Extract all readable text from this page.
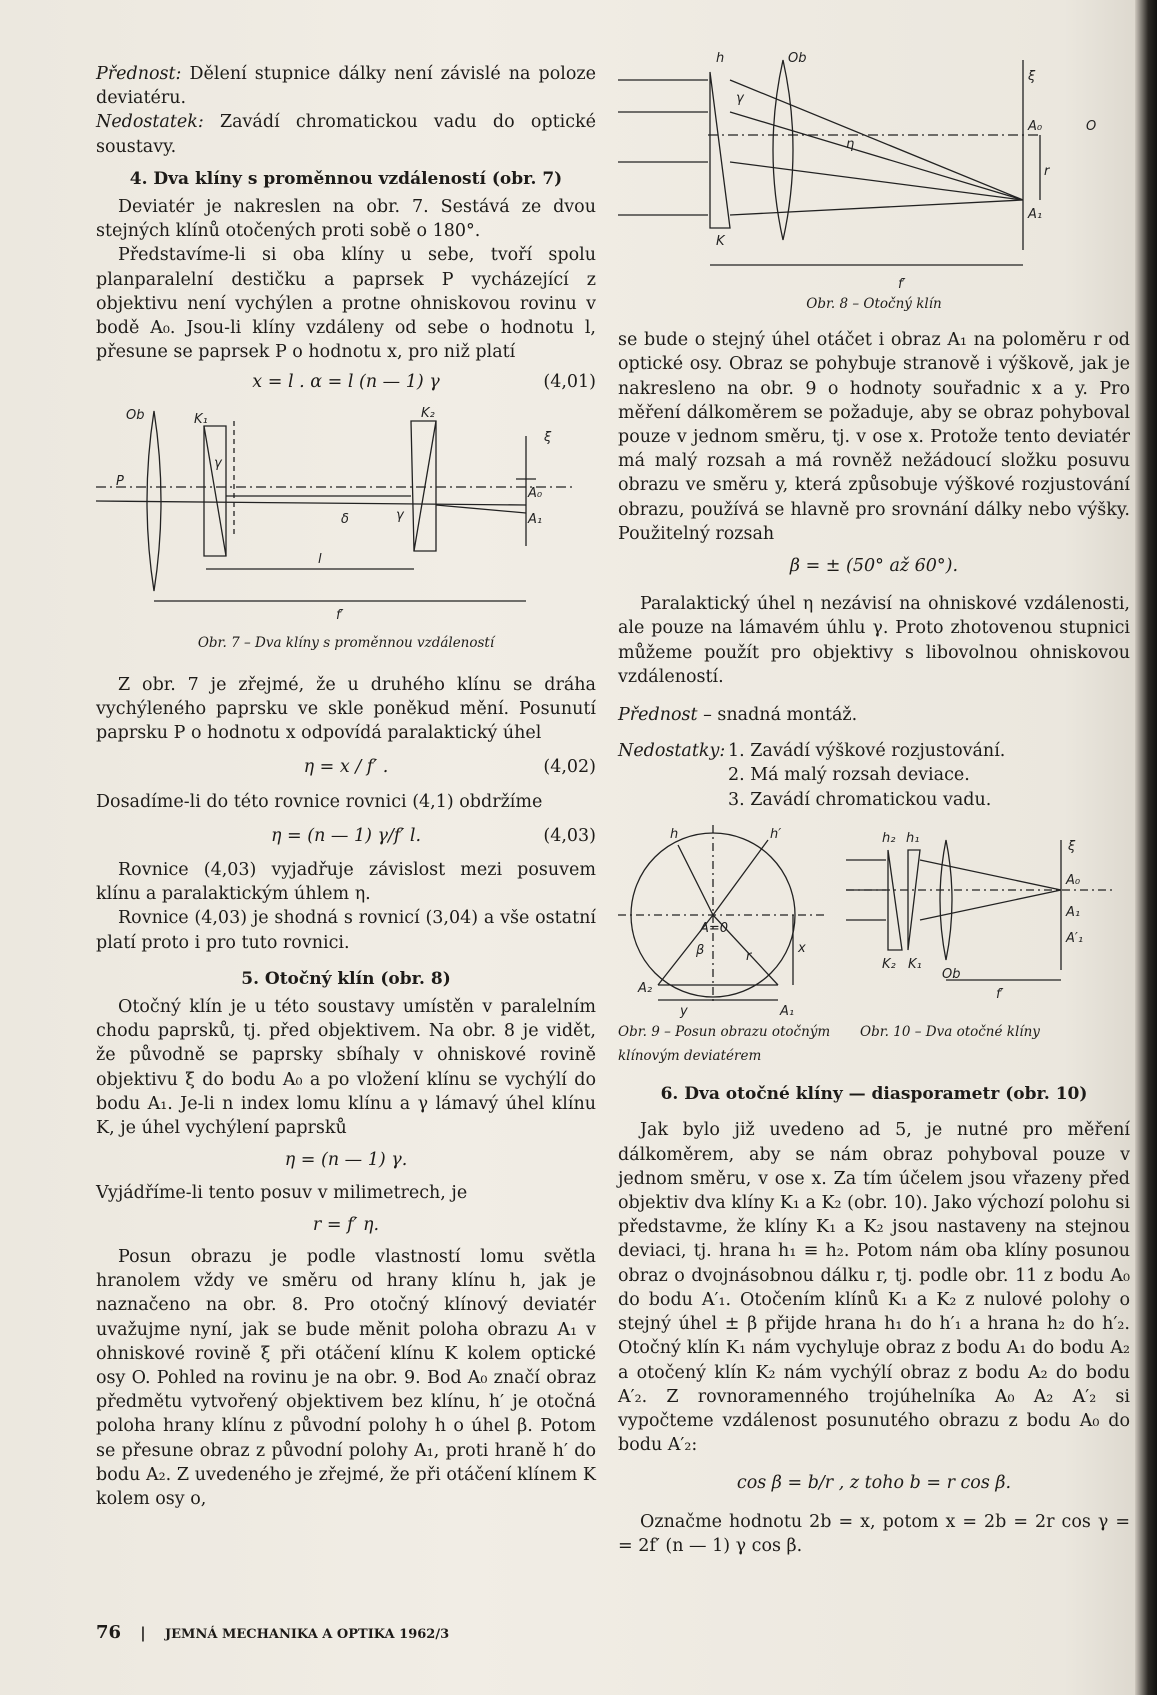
Přednost: Dělení stupnice dálky není závislé na poloze deviatéru.

Nedostatek: Zavádí chromatickou vadu do optické soustavy.

4. Dva klíny s proměnnou vzdáleností (obr. 7)

Deviatér je nakreslen na obr. 7. Sestává ze dvou stejných klínů otočených proti sobě o 180°.

Představíme-li si oba klíny u sebe, tvoří spolu planparalelní destičku a paprsek P vycházející z objektivu není vychýlen a protne ohniskovou rovinu v bodě A₀. Jsou-li klíny vzdáleny od sebe o hodnotu l, přesune se paprsek P o hodnotu x, pro niž platí

x = l . α = l (n — 1) γ	(4,01)
Ob	K₁	K₂
P
γ
γ
δ
ξ
A₀
A₁
l
f′
Obr. 7 – Dva klíny s proměnnou vzdáleností

Z obr. 7 je zřejmé, že u druhého klínu se dráha vychýleného paprsku ve skle poněkud mění. Posunutí paprsku P o hodnotu x odpovídá paralaktický úhel

η = x / f′ .	(4,02)

Dosadíme-li do této rovnice rovnici (4,1) obdržíme

η = (n — 1) γ/f′ l.	(4,03)

Rovnice (4,03) vyjadřuje závislost mezi posuvem klínu a paralaktickým úhlem η.

Rovnice (4,03) je shodná s rovnicí (3,04) a vše ostatní platí proto i pro tuto rovnici.

5. Otočný klín (obr. 8)

Otočný klín je u této soustavy umístěn v paralelním chodu paprsků, tj. před objektivem. Na obr. 8 je vidět, že původně se paprsky sbíhaly v ohniskové rovině objektivu ξ do bodu A₀ a po vložení klínu se vychýlí do bodu A₁. Je-li n index lomu klínu a γ lámavý úhel klínu K, je úhel vychýlení paprsků

η = (n — 1) γ.

Vyjádříme-li tento posuv v milimetrech, je

r = f′ η.

Posun obrazu je podle vlastností lomu světla hranolem vždy ve směru od hrany klínu h, jak je naznačeno na obr. 8. Pro otočný klínový deviatér uvažujme nyní, jak se bude měnit poloha obrazu A₁ v ohniskové rovině ξ při otáčení klínu K kolem optické osy O. Pohled na rovinu je na obr. 9. Bod A₀ značí obraz předmětu vytvořený objektivem bez klínu, h′ je otočná poloha hrany klínu z původní polohy h o úhel β. Potom se přesune obraz z původní polohy A₁, proti hraně h′ do bodu A₂. Z uvedeného je zřejmé, že při otáčení klínem K kolem osy o,

h	Ob
ξ
A₀	O
A₁
K
f′
γ
η
r
Obr. 8 – Otočný klín

se bude o stejný úhel otáčet i obraz A₁ na poloměru r od optické osy. Obraz se pohybuje stranově i výškově, jak je nakresleno na obr. 9 o hodnoty souřadnic x a y. Pro měření dálkoměrem se požaduje, aby se obraz pohyboval pouze v jednom směru, tj. v ose x. Protože tento deviatér má malý rozsah a má rovněž nežádoucí složku posuvu obrazu ve směru y, která způsobuje výškové rozjustování obrazu, používá se hlavně pro srovnání dálky nebo výšky. Použitelný rozsah

β = ± (50° až 60°).

Paralaktický úhel η nezávisí na ohniskové vzdálenosti, ale pouze na lámavém úhlu γ. Proto zhotovenou stupnici můžeme použít pro objektivy s libovolnou ohniskovou vzdáleností.

Přednost – snadná montáž.

Nedostatky: 1. Zavádí výškové rozjustování.
2. Má malý rozsah deviace.
3. Zavádí chromatickou vadu.
h	h′
A=0
A₂
A₁
β
y
x
r
h₂ h₁
K₂ K₁
Ob
A₀
A₁
A′₁
f′
ξ
Obr. 9 – Posun obrazu otočným klínovým deviatérem
Obr. 10 – Dva otočné klíny
6. Dva otočné klíny — diasporametr (obr. 10)

Jak bylo již uvedeno ad 5, je nutné pro měření dálkoměrem, aby se nám obraz pohyboval pouze v jednom směru, v ose x. Za tím účelem jsou vřazeny před objektiv dva klíny K₁ a K₂ (obr. 10). Jako výchozí polohu si představme, že klíny K₁ a K₂ jsou nastaveny na stejnou deviaci, tj. hrana h₁ ≡ h₂. Potom nám oba klíny posunou obraz o dvojnásobnou dálku r, tj. podle obr. 11 z bodu A₀ do bodu A′₁. Otočením klínů K₁ a K₂ z nulové polohy o stejný úhel ± β přijde hrana h₁ do h′₁ a hrana h₂ do h′₂. Otočný klín K₁ nám vychyluje obraz z bodu A₁ do bodu A₂ a otočený klín K₂ nám vychýlí obraz z bodu A₂ do bodu A′₂. Z rovnoramenného trojúhelníka A₀ A₂ A′₂ si vypočteme vzdálenost posunutého obrazu z bodu A₀ do bodu A′₂:

cos β = b/r , z toho b = r cos β.

Označme hodnotu 2b = x, potom x = 2b = 2r cos γ = = 2f′ (n — 1) γ cos β.

76 | JEMNÁ MECHANIKA A OPTIKA 1962/3
